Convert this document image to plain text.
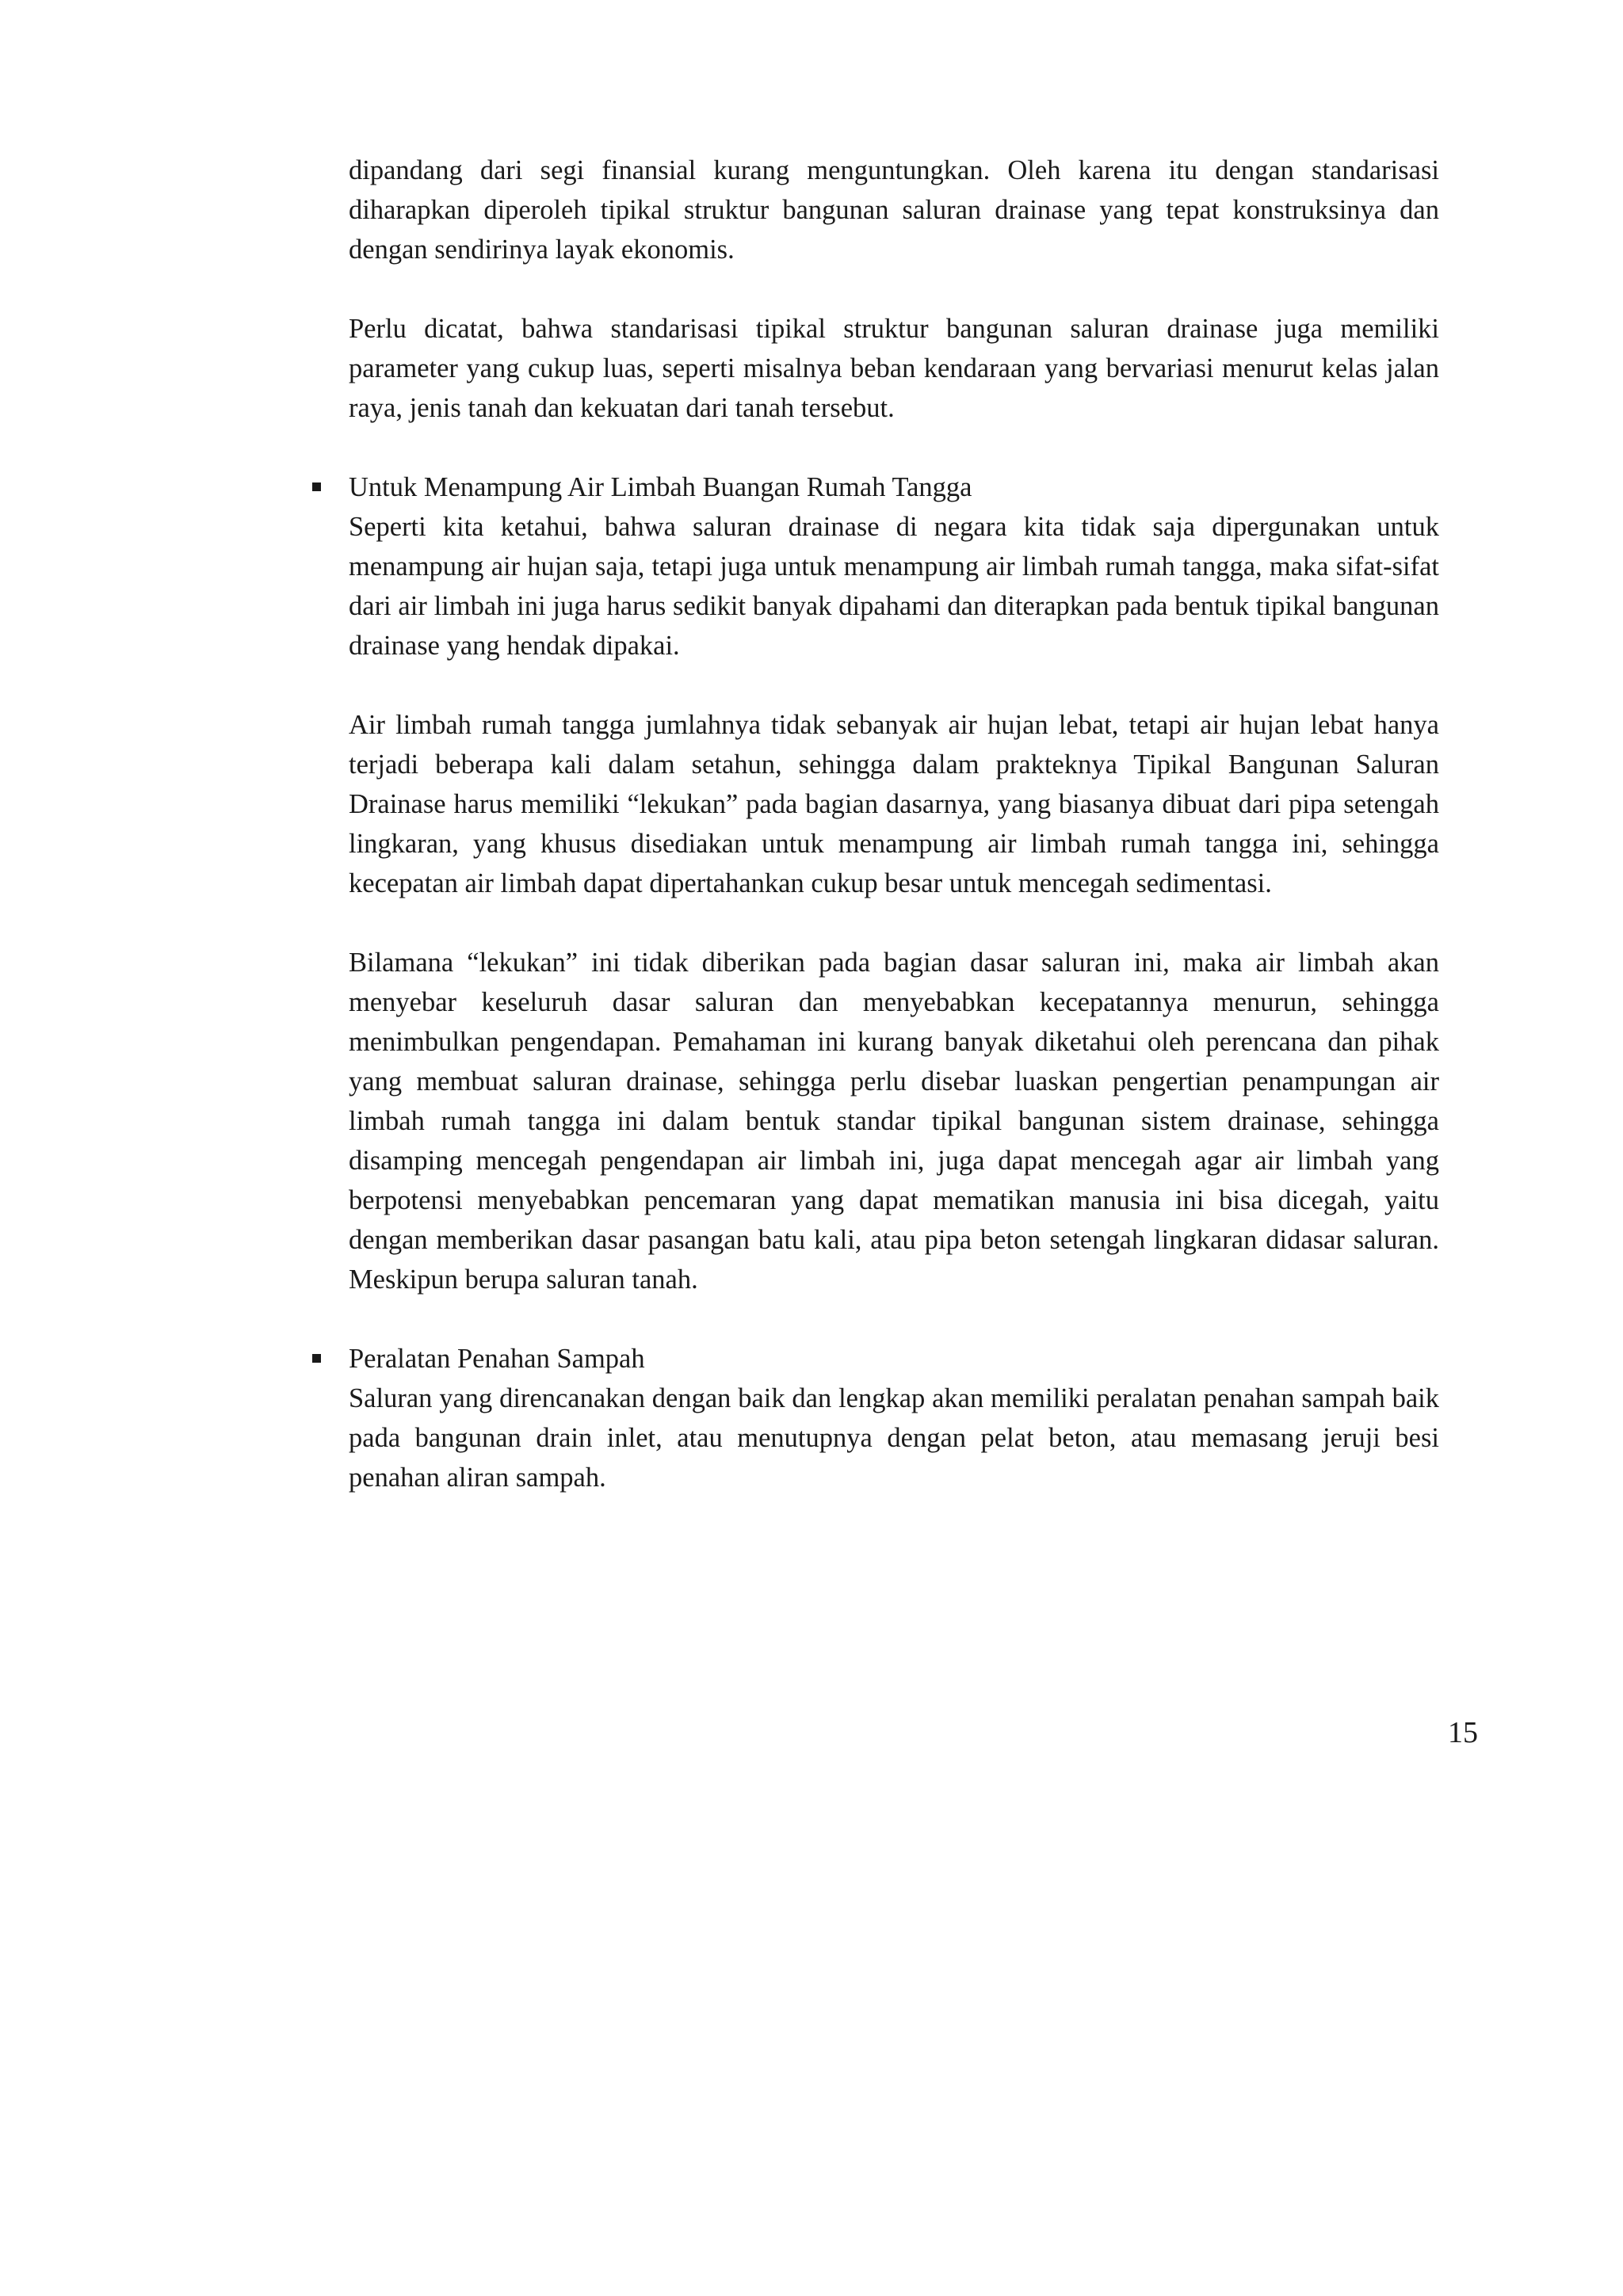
dipandang dari segi finansial kurang menguntungkan. Oleh karena itu dengan standarisasi diharapkan diperoleh tipikal struktur bangunan saluran drainase yang tepat konstruksinya dan dengan sendirinya layak ekonomis.

Perlu dicatat, bahwa standarisasi tipikal struktur bangunan saluran drainase juga memiliki parameter yang cukup luas, seperti misalnya beban kendaraan yang bervariasi menurut kelas jalan raya, jenis tanah dan kekuatan dari tanah tersebut.

Untuk Menampung Air Limbah Buangan Rumah Tangga

Seperti kita ketahui, bahwa saluran drainase di negara kita tidak saja dipergunakan untuk menampung air hujan saja, tetapi juga untuk menampung air limbah rumah tangga, maka sifat-sifat dari air limbah ini juga harus sedikit banyak dipahami dan diterapkan pada bentuk tipikal bangunan drainase yang hendak dipakai.

Air limbah rumah tangga jumlahnya tidak sebanyak air hujan lebat, tetapi air hujan lebat hanya terjadi beberapa kali dalam setahun, sehingga dalam prakteknya Tipikal Bangunan Saluran Drainase harus memiliki “lekukan” pada bagian dasarnya, yang biasanya dibuat dari pipa setengah lingkaran, yang khusus disediakan untuk menampung air limbah rumah tangga ini, sehingga kecepatan air limbah dapat dipertahankan cukup besar untuk mencegah sedimentasi.

Bilamana “lekukan” ini tidak diberikan pada bagian dasar saluran ini, maka air limbah akan menyebar keseluruh dasar saluran dan menyebabkan kecepatannya menurun, sehingga menimbulkan pengendapan. Pemahaman ini kurang banyak diketahui oleh perencana dan pihak yang membuat saluran drainase, sehingga perlu disebar luaskan pengertian penampungan air limbah rumah tangga ini dalam bentuk standar tipikal bangunan sistem drainase, sehingga disamping mencegah pengendapan air limbah ini, juga dapat mencegah agar air limbah yang berpotensi menyebabkan pencemaran yang dapat mematikan manusia ini bisa dicegah, yaitu dengan memberikan dasar pasangan batu kali, atau pipa beton setengah lingkaran didasar saluran. Meskipun berupa saluran tanah.

Peralatan Penahan Sampah

Saluran yang direncanakan dengan baik dan lengkap akan memiliki peralatan penahan sampah baik pada bangunan drain inlet, atau menutupnya dengan pelat beton, atau memasang jeruji besi penahan aliran sampah.

15
